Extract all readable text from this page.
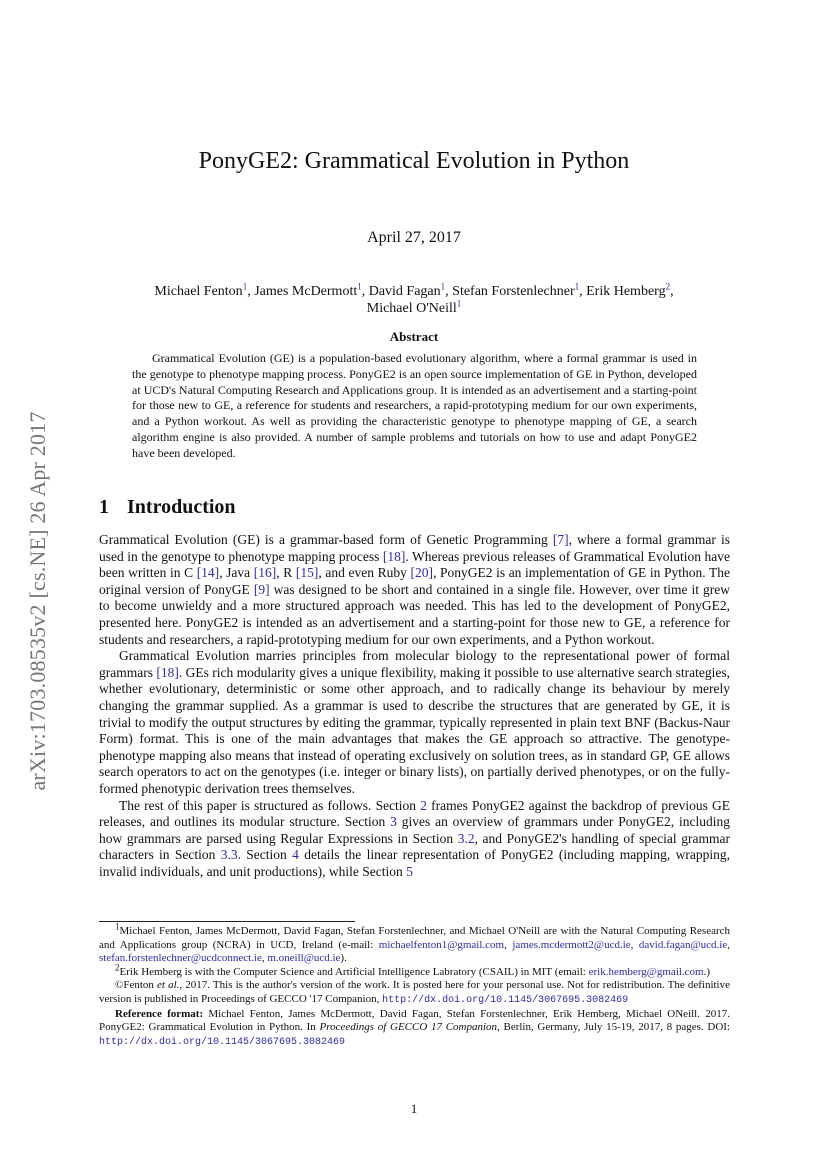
arXiv:1703.08535v2 [cs.NE] 26 Apr 2017
PonyGE2: Grammatical Evolution in Python
April 27, 2017
Michael Fenton$^1$, James McDermott$^1$, David Fagan$^1$, Stefan Forstenlechner$^1$, Erik Hemberg$^2$,
Michael O'Neill$^1$
Abstract

Grammatical Evolution (GE) is a population-based evolutionary algorithm, where a formal grammar is used in the genotype to phenotype mapping process. PonyGE2 is an open source implementation of GE in Python, developed at UCD's Natural Computing Research and Applications group. It is intended as an advertisement and a starting-point for those new to GE, a reference for students and researchers, a rapid-prototyping medium for our own experiments, and a Python workout. As well as providing the characteristic genotype to phenotype mapping of GE, a search algorithm engine is also provided. A number of sample problems and tutorials on how to use and adapt PonyGE2 have been developed.

1 Introduction

Grammatical Evolution (GE) is a grammar-based form of Genetic Programming [7], where a formal grammar is used in the genotype to phenotype mapping process [18]. Whereas previous releases of Grammatical Evolution have been written in C [14], Java [16], R [15], and even Ruby [20], PonyGE2 is an implementation of GE in Python. The original version of PonyGE [9] was designed to be short and contained in a single file. However, over time it grew to become unwieldy and a more structured approach was needed. This has led to the development of PonyGE2, presented here. PonyGE2 is intended as an advertisement and a starting-point for those new to GE, a reference for students and researchers, a rapid-prototyping medium for our own experiments, and a Python workout.

Grammatical Evolution marries principles from molecular biology to the representational power of formal grammars [18]. GEs rich modularity gives a unique flexibility, making it possible to use alternative search strategies, whether evolutionary, deterministic or some other approach, and to radically change its behaviour by merely changing the grammar supplied. As a grammar is used to describe the structures that are generated by GE, it is trivial to modify the output structures by editing the grammar, typically represented in plain text BNF (Backus-Naur Form) format. This is one of the main advantages that makes the GE approach so attractive. The genotype-phenotype mapping also means that instead of operating exclusively on solution trees, as in standard GP, GE allows search operators to act on the genotypes (i.e. integer or binary lists), on partially derived phenotypes, or on the fully-formed phenotypic derivation trees themselves.

The rest of this paper is structured as follows. Section 2 frames PonyGE2 against the backdrop of previous GE releases, and outlines its modular structure. Section 3 gives an overview of grammars under PonyGE2, including how grammars are parsed using Regular Expressions in Section 3.2, and PonyGE2's handling of special grammar characters in Section 3.3. Section 4 details the linear representation of PonyGE2 (including mapping, wrapping, invalid individuals, and unit productions), while Section 5

$^1$Michael Fenton, James McDermott, David Fagan, Stefan Forstenlechner, and Michael O'Neill are with the Natural Computing Research and Applications group (NCRA) in UCD, Ireland (e-mail: michaelfenton1@gmail.com, james.mcdermott2@ucd.ie, david.fagan@ucd.ie, stefan.forstenlechner@ucdconnect.ie, m.oneill@ucd.ie).

$^2$Erik Hemberg is with the Computer Science and Artificial Intelligence Labratory (CSAIL) in MIT (email: erik.hemberg@gmail.com.)

©Fenton et al., 2017. This is the author's version of the work. It is posted here for your personal use. Not for redistribution. The definitive version is published in Proceedings of GECCO '17 Companion, http://dx.doi.org/10.1145/3067695.3082469

Reference format: Michael Fenton, James McDermott, David Fagan, Stefan Forstenlechner, Erik Hemberg, Michael ONeill. 2017. PonyGE2: Grammatical Evolution in Python. In Proceedings of GECCO 17 Companion, Berlin, Germany, July 15-19, 2017, 8 pages. DOI: http://dx.doi.org/10.1145/3067695.3082469

1
